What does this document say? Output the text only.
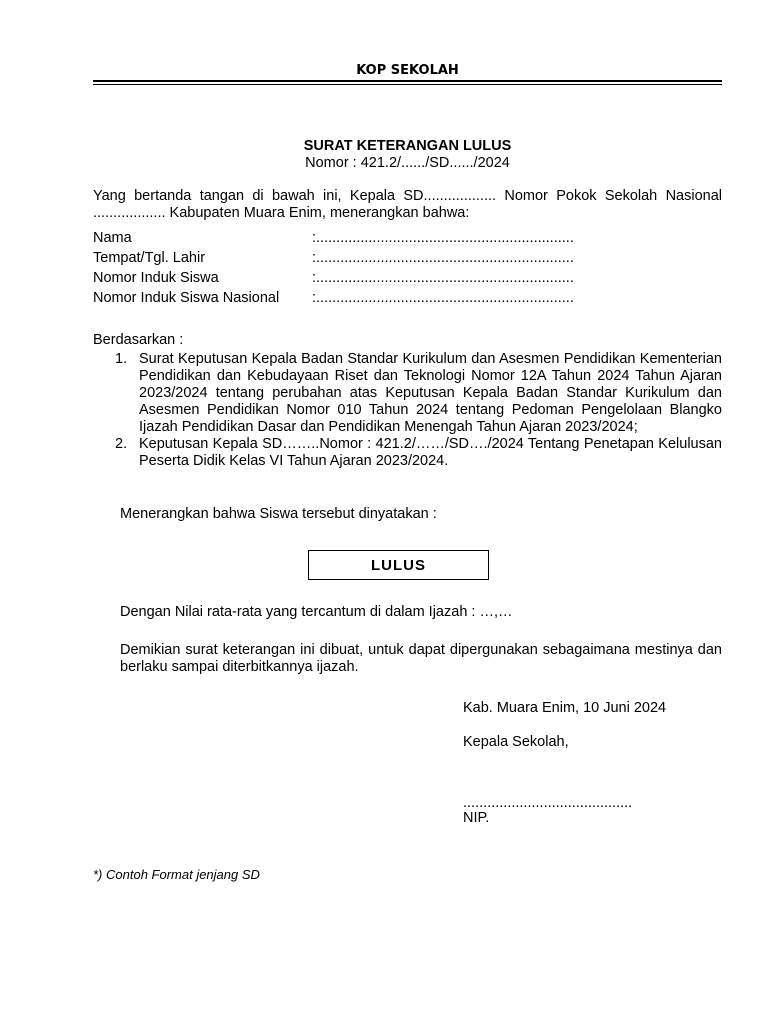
KOP SEKOLAH
SURAT KETERANGAN LULUS
Nomor : 421.2/....../SD....../2024
Yang bertanda tangan di bawah ini, Kepala SD.................. Nomor Pokok Sekolah Nasional .................. Kabupaten Muara Enim, menerangkan bahwa:
Nama	:................................................................
Tempat/Tgl. Lahir	:................................................................
Nomor Induk Siswa	:................................................................
Nomor Induk Siswa Nasional	:................................................................
Berdasarkan :
1. Surat Keputusan Kepala Badan Standar Kurikulum dan Asesmen Pendidikan Kementerian Pendidikan dan Kebudayaan Riset dan Teknologi Nomor 12A Tahun 2024 Tahun Ajaran 2023/2024 tentang perubahan atas Keputusan Kepala Badan Standar Kurikulum dan Asesmen Pendidikan Nomor 010 Tahun 2024 tentang Pedoman Pengelolaan Blangko Ijazah Pendidikan Dasar dan Pendidikan Menengah Tahun Ajaran 2023/2024;
2. Keputusan Kepala SD……..Nomor : 421.2/……/SD…./2024 Tentang Penetapan Kelulusan Peserta Didik Kelas VI Tahun Ajaran 2023/2024.
Menerangkan bahwa Siswa tersebut dinyatakan :
LULUS
Dengan Nilai rata-rata yang tercantum di dalam Ijazah : …,…
Demikian surat keterangan ini dibuat, untuk dapat dipergunakan sebagaimana mestinya dan berlaku sampai diterbitkannya ijazah.
Kab. Muara Enim, 10 Juni 2024
Kepala Sekolah,
..........................................
NIP.
*) Contoh Format jenjang SD
